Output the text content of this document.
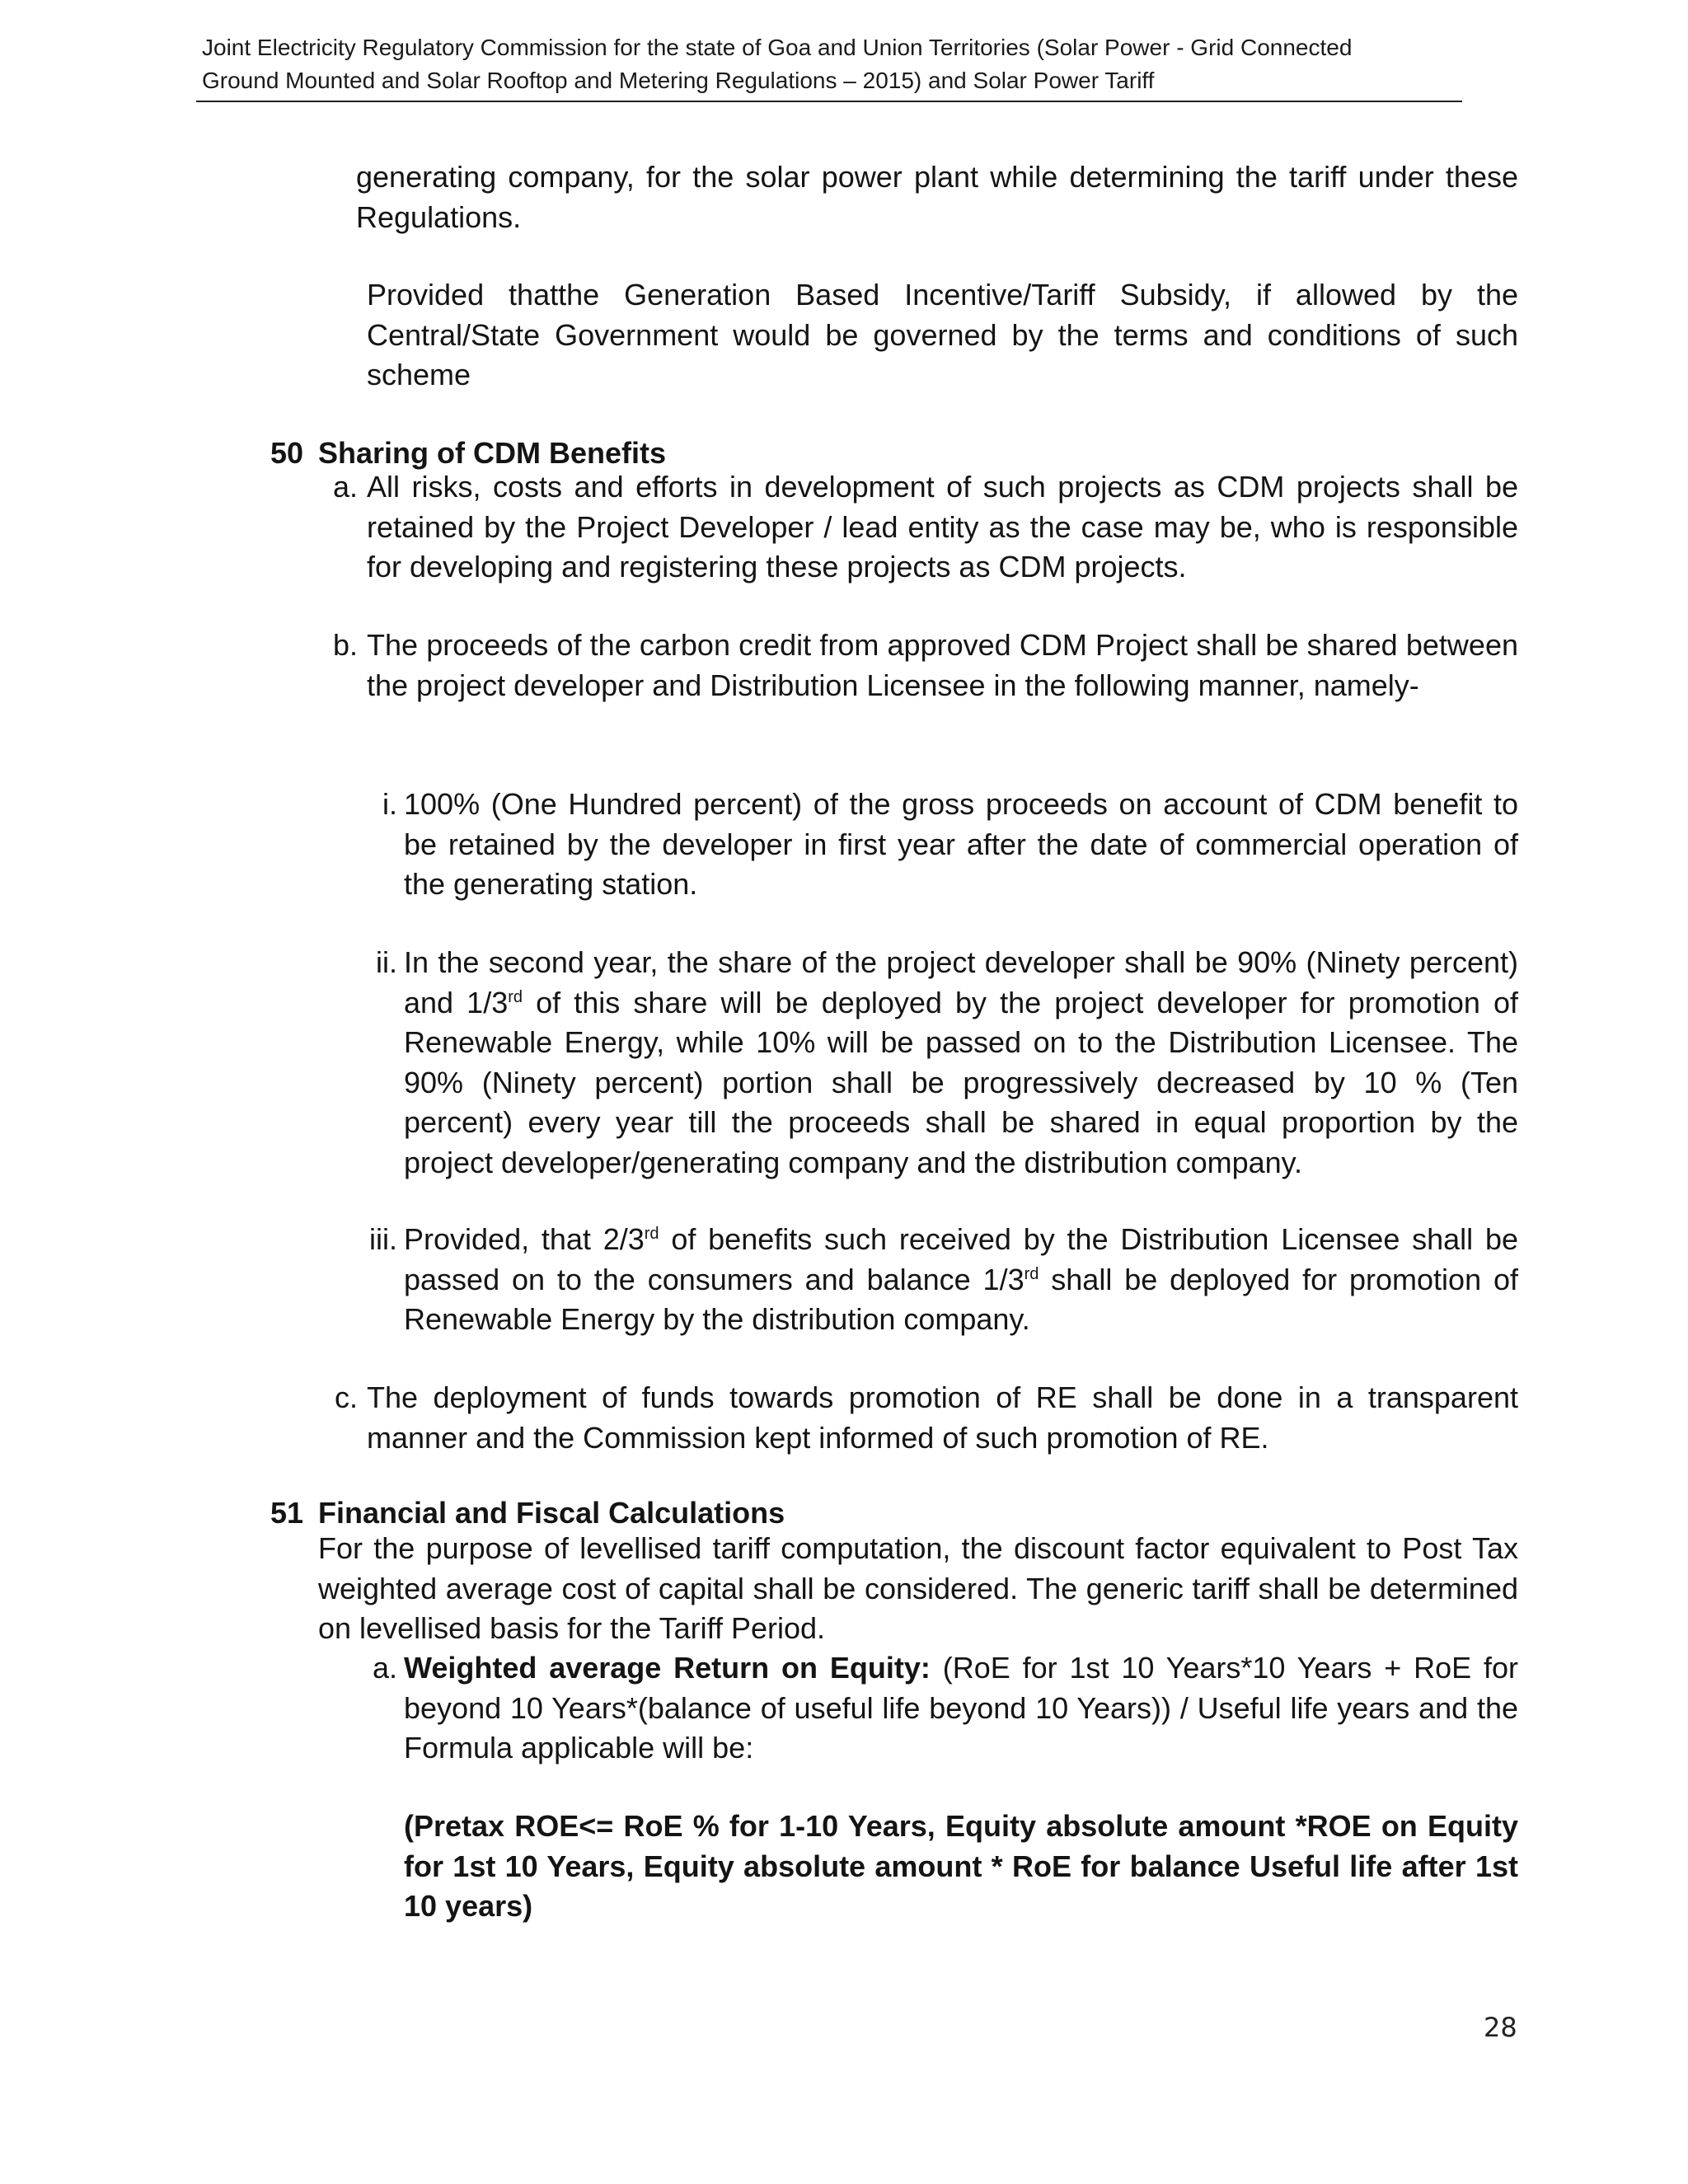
Joint Electricity Regulatory Commission for the state of Goa and Union Territories (Solar Power - Grid Connected
Ground Mounted and Solar Rooftop and Metering Regulations – 2015) and Solar Power Tariff
generating company, for the solar power plant while determining the tariff under these Regulations.
Provided thatthe Generation Based Incentive/Tariff Subsidy, if allowed by the Central/State Government would be governed by the terms and conditions of such scheme
50 Sharing of CDM Benefits
a. All risks, costs and efforts in development of such projects as CDM projects shall be retained by the Project Developer / lead entity as the case may be, who is responsible for developing and registering these projects as CDM projects.
b. The proceeds of the carbon credit from approved CDM Project shall be shared between the project developer and Distribution Licensee in the following manner, namely-
i. 100% (One Hundred percent) of the gross proceeds on account of CDM benefit to be retained by the developer in first year after the date of commercial operation of the generating station.
ii. In the second year, the share of the project developer shall be 90% (Ninety percent) and 1/3rd of this share will be deployed by the project developer for promotion of Renewable Energy, while 10% will be passed on to the Distribution Licensee. The 90% (Ninety percent) portion shall be progressively decreased by 10 % (Ten percent) every year till the proceeds shall be shared in equal proportion by the project developer/generating company and the distribution company.
iii. Provided, that 2/3rd of benefits such received by the Distribution Licensee shall be passed on to the consumers and balance 1/3rd shall be deployed for promotion of Renewable Energy by the distribution company.
c. The deployment of funds towards promotion of RE shall be done in a transparent manner and the Commission kept informed of such promotion of RE.
51 Financial and Fiscal Calculations
For the purpose of levellised tariff computation, the discount factor equivalent to Post Tax weighted average cost of capital shall be considered. The generic tariff shall be determined on levellised basis for the Tariff Period.
a. Weighted average Return on Equity: (RoE for 1st 10 Years*10 Years + RoE for beyond 10 Years*(balance of useful life beyond 10 Years)) / Useful life years and the Formula applicable will be:
(Pretax ROE<= RoE % for 1-10 Years, Equity absolute amount *ROE on Equity for 1st 10 Years, Equity absolute amount * RoE for balance Useful life after 1st 10 years)
28
